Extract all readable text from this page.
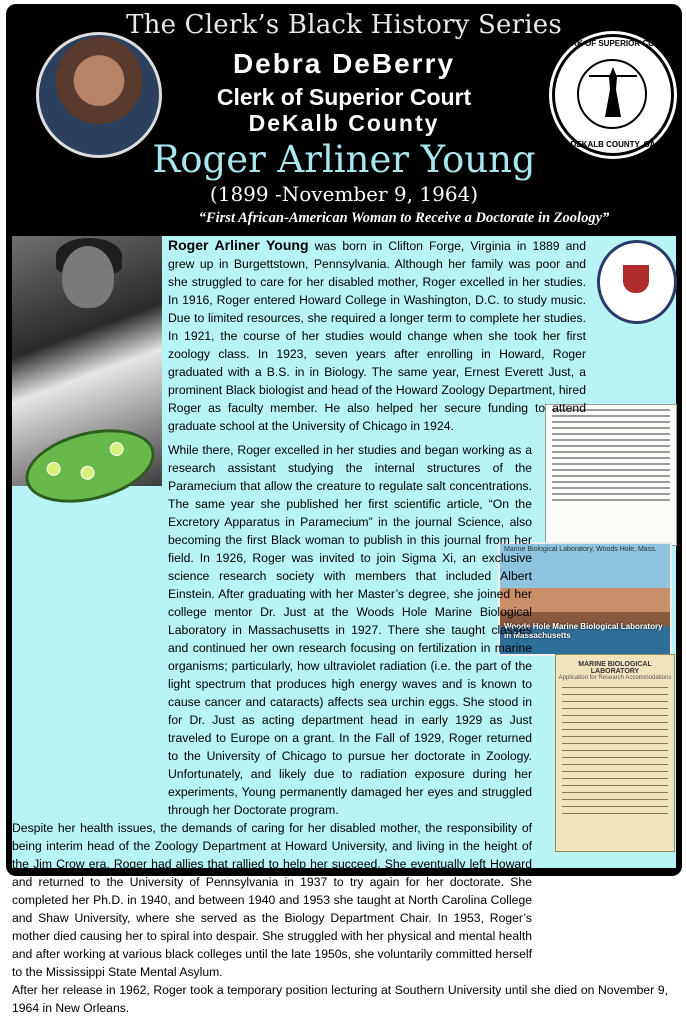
The Clerk’s Black History Series
Debra DeBerry
Clerk of Superior Court
DeKalb County
CLERK OF SUPERIOR COURT
DEKALB COUNTY, GA
Roger Arliner Young
(1899 -November 9, 1964)
“First African-American Woman to Receive a Doctorate in Zoology”
Marine Biological Laboratory, Woods Hole, Mass.
Woods Hole Marine Biological Laboratory in Massachusetts
MARINE BIOLOGICAL LABORATORY
Application for Research Accommodations

Roger Arliner Young was born in Clifton Forge, Virginia in 1889 and grew up in Burgettstown, Pennsylvania. Although her family was poor and she struggled to care for her disabled mother, Roger excelled in her studies. In 1916, Roger entered Howard College in Washington, D.C. to study music. Due to limited resources, she required a longer term to complete her studies. In 1921, the course of her studies would change when she took her first zoology class. In 1923, seven years after enrolling in Howard, Roger graduated with a B.S. in in Biology. The same year, Ernest Everett Just, a prominent Black biologist and head of the Howard Zoology Department, hired Roger as faculty member. He also helped her secure funding to attend graduate school at the University of Chicago in 1924.

While there, Roger excelled in her studies and began working as a research assistant studying the internal structures of the Paramecium that allow the creature to regulate salt concentrations. The same year she published her first scientific article, “On the Excretory Apparatus in Paramecium” in the journal Science, also becoming the first Black woman to publish in this journal from her field. In 1926, Roger was invited to join Sigma Xi, an exclusive science research society with members that included Albert Einstein. After graduating with her Master’s degree, she joined her college mentor Dr. Just at the Woods Hole Marine Biological Laboratory in Massachusetts in 1927. There she taught classes and continued her own research focusing on fertilization in marine organisms; particularly, how ultraviolet radiation (i.e. the part of the light spectrum that produces high energy waves and is known to cause cancer and cataracts) affects sea urchin eggs. She stood in for Dr. Just as acting department head in early 1929 as Just traveled to Europe on a grant. In the Fall of 1929, Roger returned to the University of Chicago to pursue her doctorate in Zoology. Unfortunately, and likely due to radiation exposure during her experiments, Young permanently damaged her eyes and struggled through her Doctorate program.

Despite her health issues, the demands of caring for her disabled mother, the responsibility of being interim head of the Zoology Department at Howard University, and living in the height of the Jim Crow era, Roger had allies that rallied to help her succeed. She eventually left Howard and returned to the University of Pennsylvania in 1937 to try again for her doctorate. She completed her Ph.D. in 1940, and between 1940 and 1953 she taught at North Carolina College and Shaw University, where she served as the Biology Department Chair. In 1953, Roger’s mother died causing her to spiral into despair. She struggled with her physical and mental health and after working at various black colleges until the late 1950s, she voluntarily committed herself to the Mississippi State Mental Asylum.

After her release in 1962, Roger took a temporary position lecturing at Southern University until she died on November 9, 1964 in New Orleans.
